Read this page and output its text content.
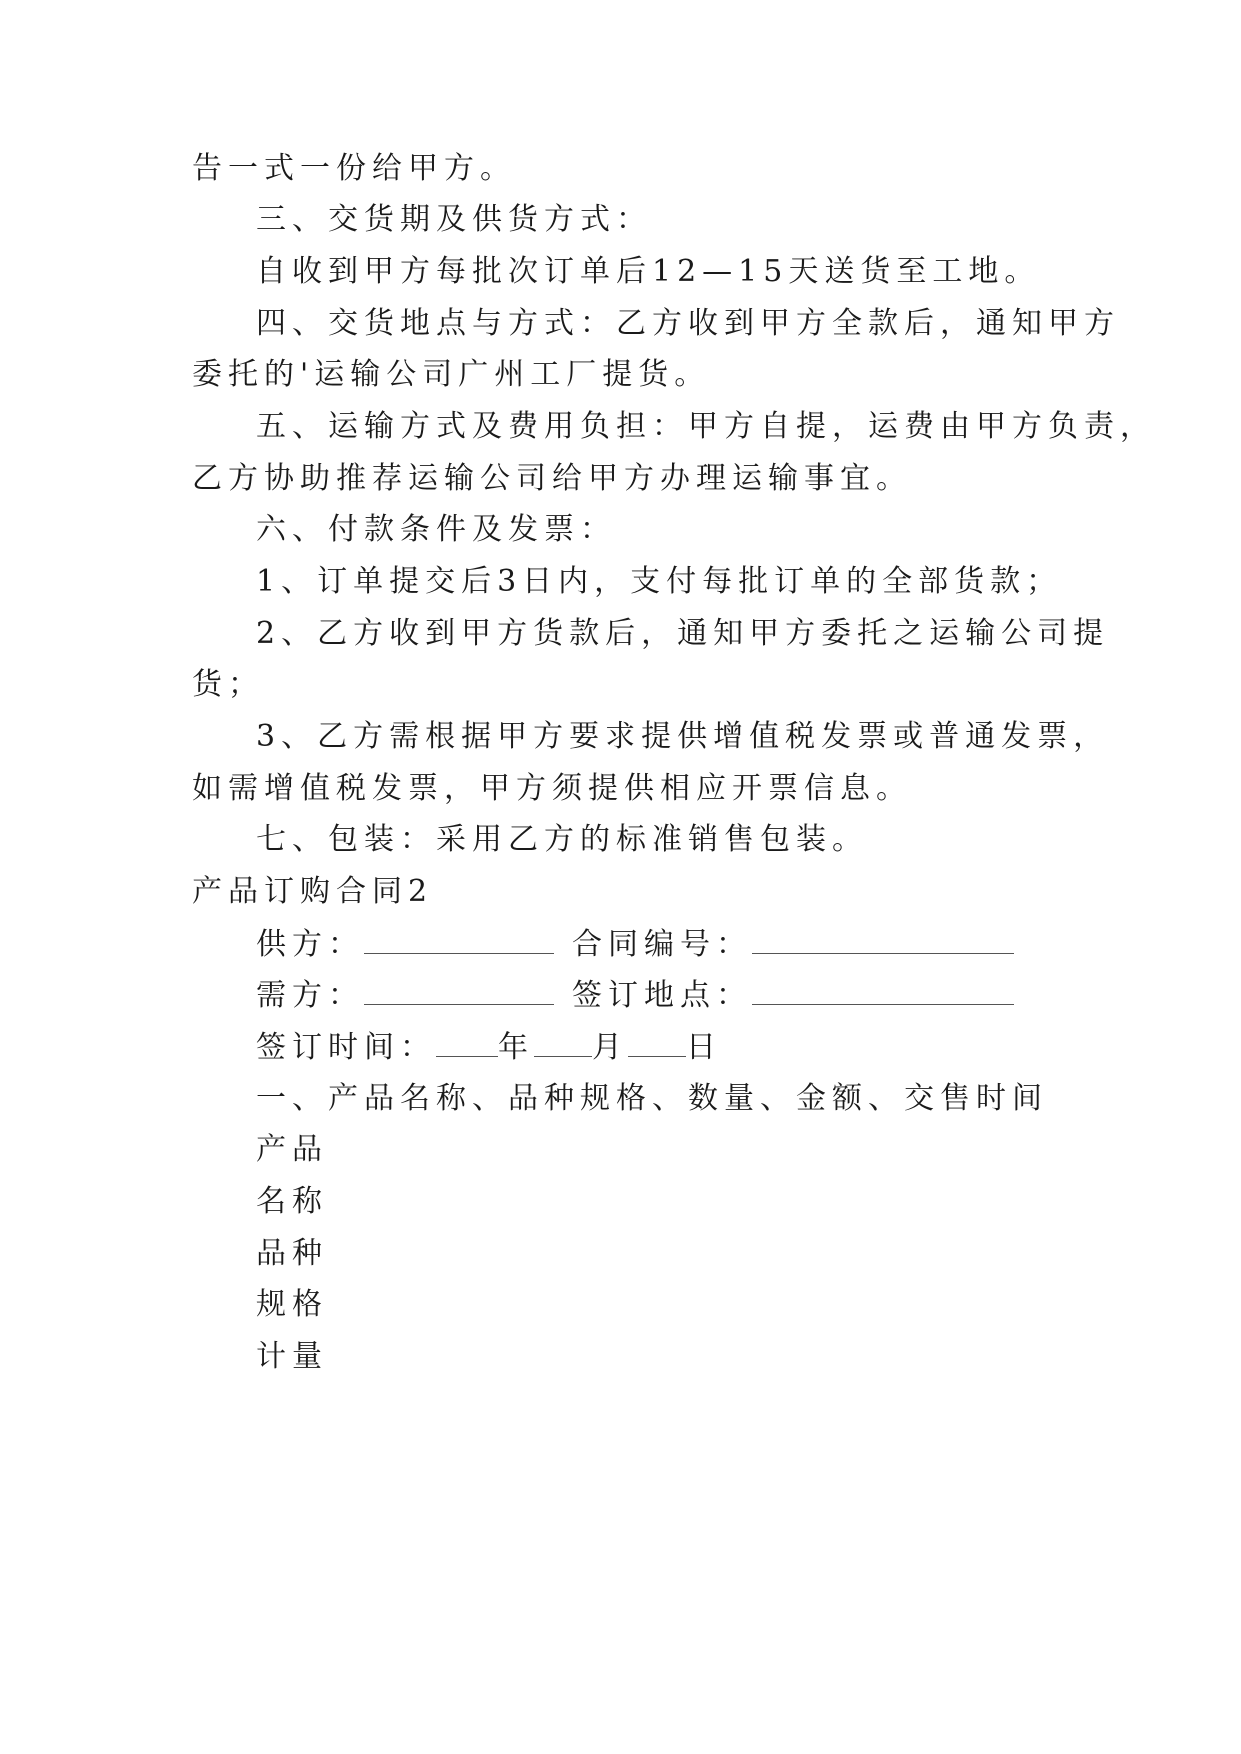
告一式一份给甲方。
三、交货期及供货方式：
自收到甲方每批次订单后12—15天送货至工地。
四、交货地点与方式：乙方收到甲方全款后，通知甲方
委托的'运输公司广州工厂提货。
五、运输方式及费用负担：甲方自提，运费由甲方负责，
乙方协助推荐运输公司给甲方办理运输事宜。
六、付款条件及发票：
1、订单提交后3日内，支付每批订单的全部货款；
2、乙方收到甲方货款后，通知甲方委托之运输公司提
货；
3、乙方需根据甲方要求提供增值税发票或普通发票，
如需增值税发票，甲方须提供相应开票信息。
七、包装：采用乙方的标准销售包装。
产品订购合同2
供方：	合同编号：
需方：	签订地点：
签订时间： 年 月 日
一、产品名称、品种规格、数量、金额、交售时间
产品
名称
品种
规格
计量
